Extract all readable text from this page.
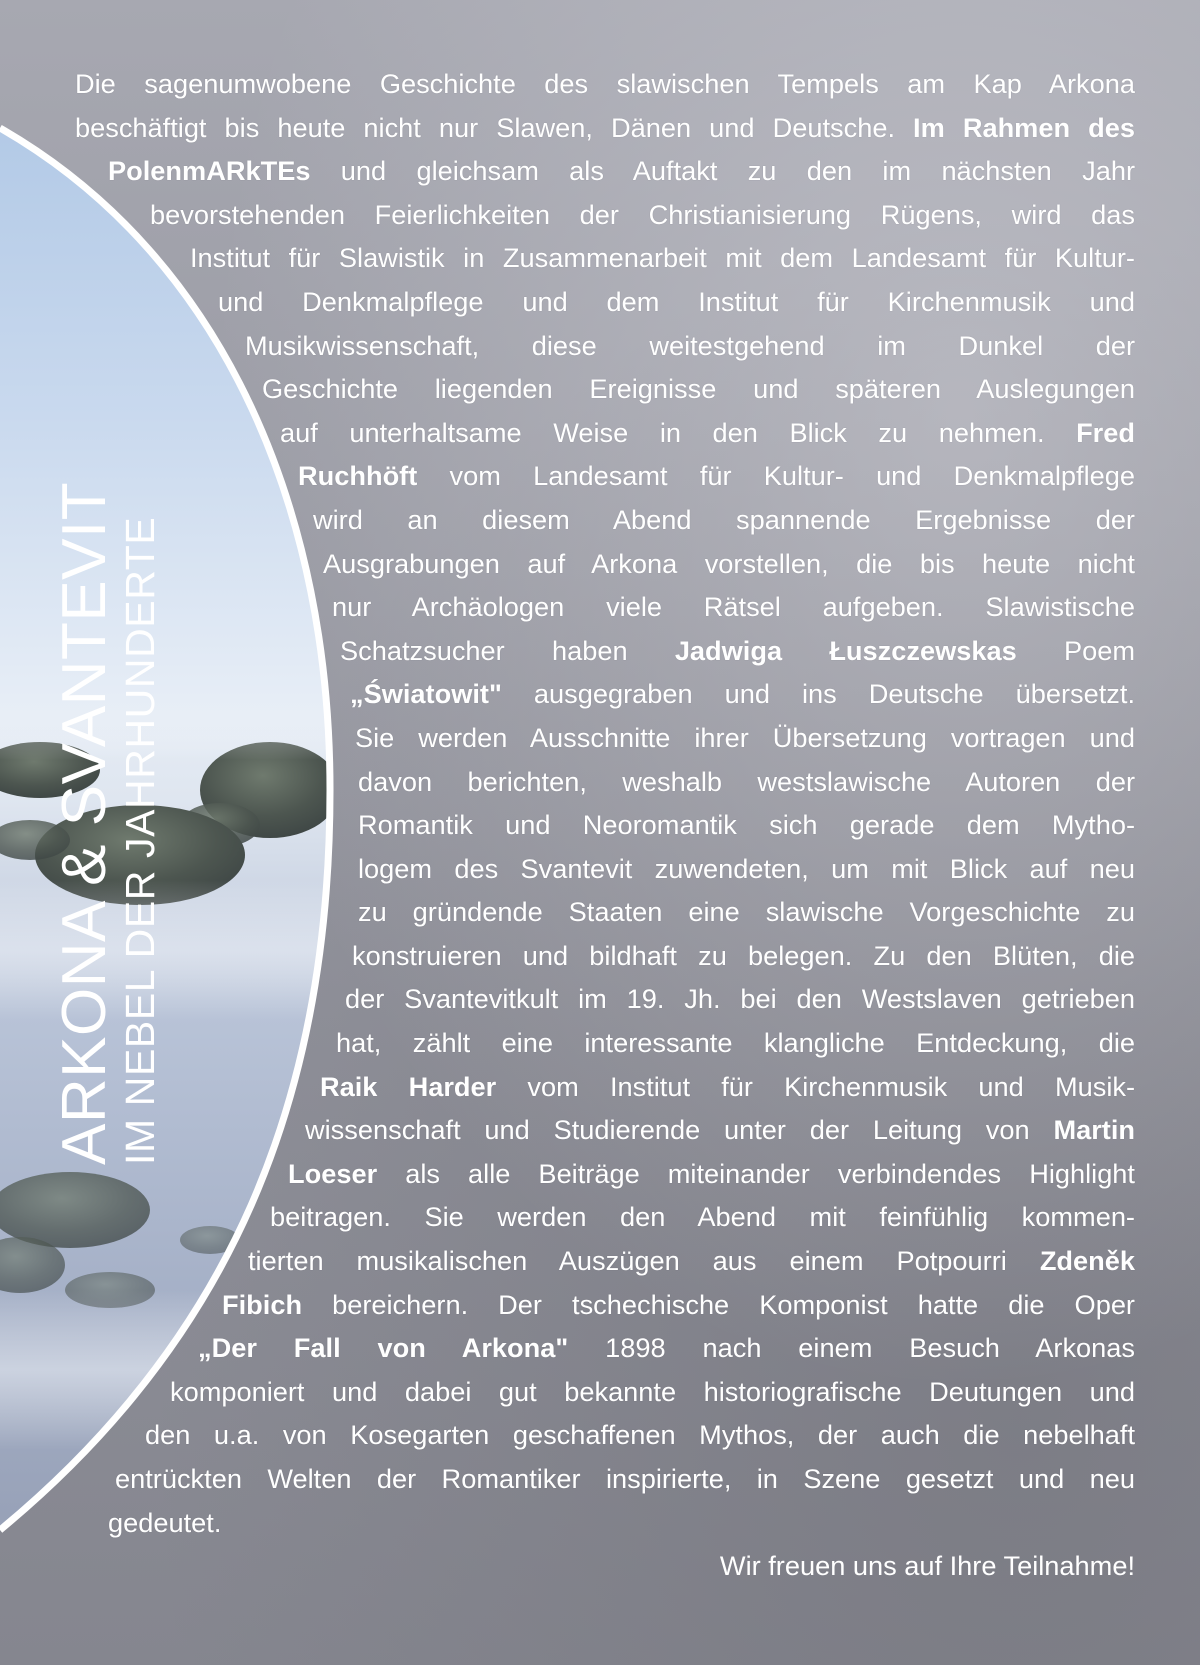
ARKONA & SVANTEVIT
IM NEBEL DER JAHRHUNDERTE
Die sagenumwobene Geschichte des slawischen Tempels am Kap Arkona
beschäftigt bis heute nicht nur Slawen, Dänen und Deutsche. Im Rahmen des
PolenmARkTEs und gleichsam als Auftakt zu den im nächsten Jahr
bevorstehenden Feierlichkeiten der Christianisierung Rügens, wird das
Institut für Slawistik in Zusammenarbeit mit dem Landesamt für Kultur-
und Denkmalpflege und dem Institut für Kirchenmusik und
Musikwissenschaft, diese weitestgehend im Dunkel der
Geschichte liegenden Ereignisse und späteren Auslegungen
auf unterhaltsame Weise in den Blick zu nehmen. Fred
Ruchhöft vom Landesamt für Kultur- und Denkmalpflege
wird an diesem Abend spannende Ergebnisse der
Ausgrabungen auf Arkona vorstellen, die bis heute nicht
nur Archäologen viele Rätsel aufgeben. Slawistische
Schatzsucher haben Jadwiga Łuszczewskas Poem
„Światowit" ausgegraben und ins Deutsche übersetzt.
Sie werden Ausschnitte ihrer Übersetzung vortragen und
davon berichten, weshalb westslawische Autoren der
Romantik und Neoromantik sich gerade dem Mytho-
logem des Svantevit zuwendeten, um mit Blick auf neu
zu gründende Staaten eine slawische Vorgeschichte zu
konstruieren und bildhaft zu belegen. Zu den Blüten, die
der Svantevitkult im 19. Jh. bei den Westslaven getrieben
hat, zählt eine interessante klangliche Entdeckung, die
Raik Harder vom Institut für Kirchenmusik und Musik-
wissenschaft und Studierende unter der Leitung von Martin
Loeser als alle Beiträge miteinander verbindendes Highlight
beitragen. Sie werden den Abend mit feinfühlig kommen-
tierten musikalischen Auszügen aus einem Potpourri Zdeněk
Fibich bereichern. Der tschechische Komponist hatte die Oper
„Der Fall von Arkona" 1898 nach einem Besuch Arkonas
komponiert und dabei gut bekannte historiografische Deutungen und
den u.a. von Kosegarten geschaffenen Mythos, der auch die nebelhaft
entrückten Welten der Romantiker inspirierte, in Szene gesetzt und neu
gedeutet.
Wir freuen uns auf Ihre Teilnahme!
